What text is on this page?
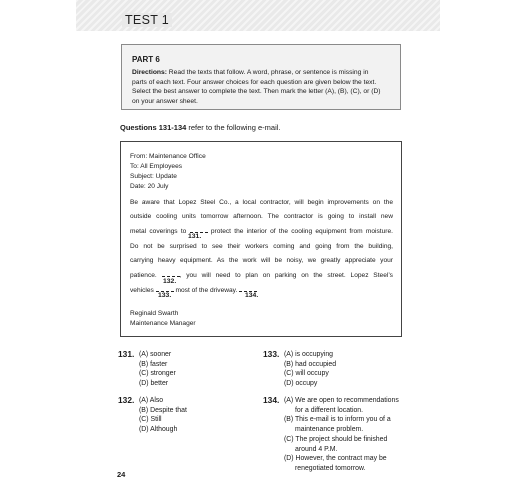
TEST 1
PART 6
Directions: Read the texts that follow. A word, phrase, or sentence is missing in
parts of each text. Four answer choices for each question are given below the text.
Select the best answer to complete the text. Then mark the letter (A), (B), (C), or (D)
on your answer sheet.
Questions 131-134 refer to the following e-mail.
From: Maintenance Office
To: All Employees
Subject: Update
Date: 20 July
Be aware that Lopez Steel Co., a local contractor, will begin improvements on the
outside cooling units tomorrow afternoon. The contractor is going to install new
metal coverings to	protect the interior of the cooling equipment from moisture.
131.
Do not be surprised to see their workers coming and going from the building,
carrying heavy equipment. As the work will be noisy, we greatly appreciate your
patience.	, you will need to plan on parking on the street. Lopez Steel’s
132.
vehicles	most of the driveway.
133.	134.
Reginald Swarth
Maintenance Manager
131. (A) sooner
(B) faster
(C) stronger
(D) better
132. (A) Also
(B) Despite that
(C) Still
(D) Although
133. (A) is occupying
(B) had occupied
(C) will occupy
(D) occupy
134. (A) We are open to recommendations
for a different location.
(B) This e-mail is to inform you of a
maintenance problem.
(C) The project should be finished
around 4 P.M.
(D) However, the contract may be
renegotiated tomorrow.
24
